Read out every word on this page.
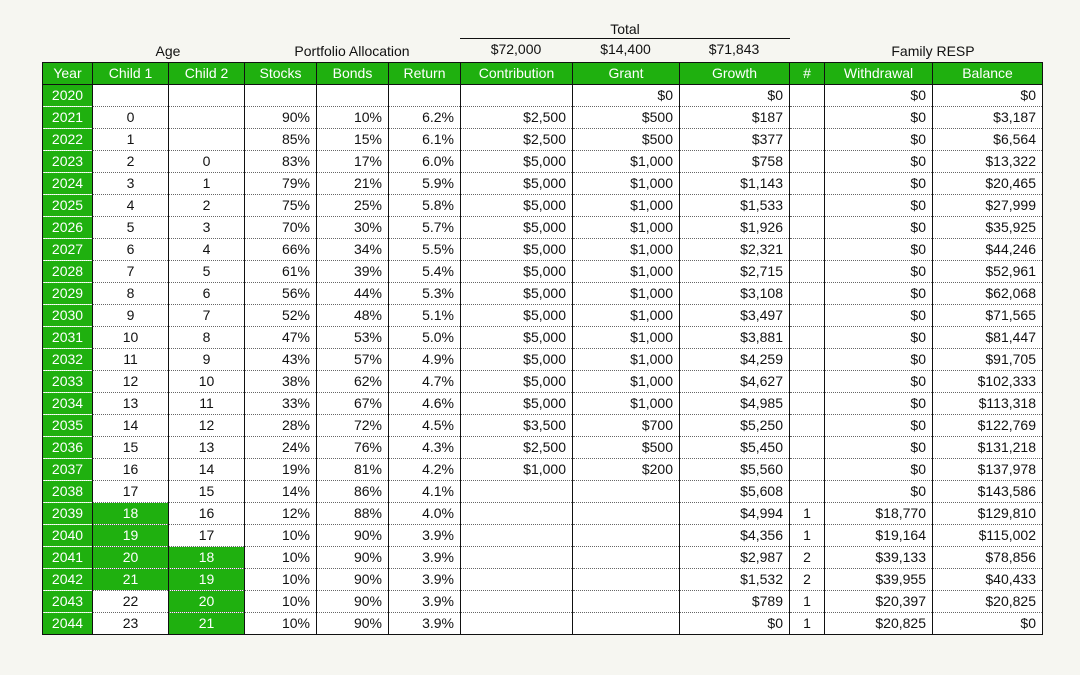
Total
$72,000	$14,400	$71,843
Age	Portfolio Allocation	Family RESP
Year	Child 1	Child 2	Stocks	Bonds	Return	Contribution	Grant	Growth	#	Withdrawal	Balance
2020							$0	$0		$0	$0
2021	0		90%	10%	6.2%	$2,500	$500	$187		$0	$3,187
2022	1		85%	15%	6.1%	$2,500	$500	$377		$0	$6,564
2023	2	0	83%	17%	6.0%	$5,000	$1,000	$758		$0	$13,322
2024	3	1	79%	21%	5.9%	$5,000	$1,000	$1,143		$0	$20,465
2025	4	2	75%	25%	5.8%	$5,000	$1,000	$1,533		$0	$27,999
2026	5	3	70%	30%	5.7%	$5,000	$1,000	$1,926		$0	$35,925
2027	6	4	66%	34%	5.5%	$5,000	$1,000	$2,321		$0	$44,246
2028	7	5	61%	39%	5.4%	$5,000	$1,000	$2,715		$0	$52,961
2029	8	6	56%	44%	5.3%	$5,000	$1,000	$3,108		$0	$62,068
2030	9	7	52%	48%	5.1%	$5,000	$1,000	$3,497		$0	$71,565
2031	10	8	47%	53%	5.0%	$5,000	$1,000	$3,881		$0	$81,447
2032	11	9	43%	57%	4.9%	$5,000	$1,000	$4,259		$0	$91,705
2033	12	10	38%	62%	4.7%	$5,000	$1,000	$4,627		$0	$102,333
2034	13	11	33%	67%	4.6%	$5,000	$1,000	$4,985		$0	$113,318
2035	14	12	28%	72%	4.5%	$3,500	$700	$5,250		$0	$122,769
2036	15	13	24%	76%	4.3%	$2,500	$500	$5,450		$0	$131,218
2037	16	14	19%	81%	4.2%	$1,000	$200	$5,560		$0	$137,978
2038	17	15	14%	86%	4.1%			$5,608		$0	$143,586
2039	18	16	12%	88%	4.0%			$4,994	1	$18,770	$129,810
2040	19	17	10%	90%	3.9%			$4,356	1	$19,164	$115,002
2041	20	18	10%	90%	3.9%			$2,987	2	$39,133	$78,856
2042	21	19	10%	90%	3.9%			$1,532	2	$39,955	$40,433
2043	22	20	10%	90%	3.9%			$789	1	$20,397	$20,825
2044	23	21	10%	90%	3.9%			$0	1	$20,825	$0
